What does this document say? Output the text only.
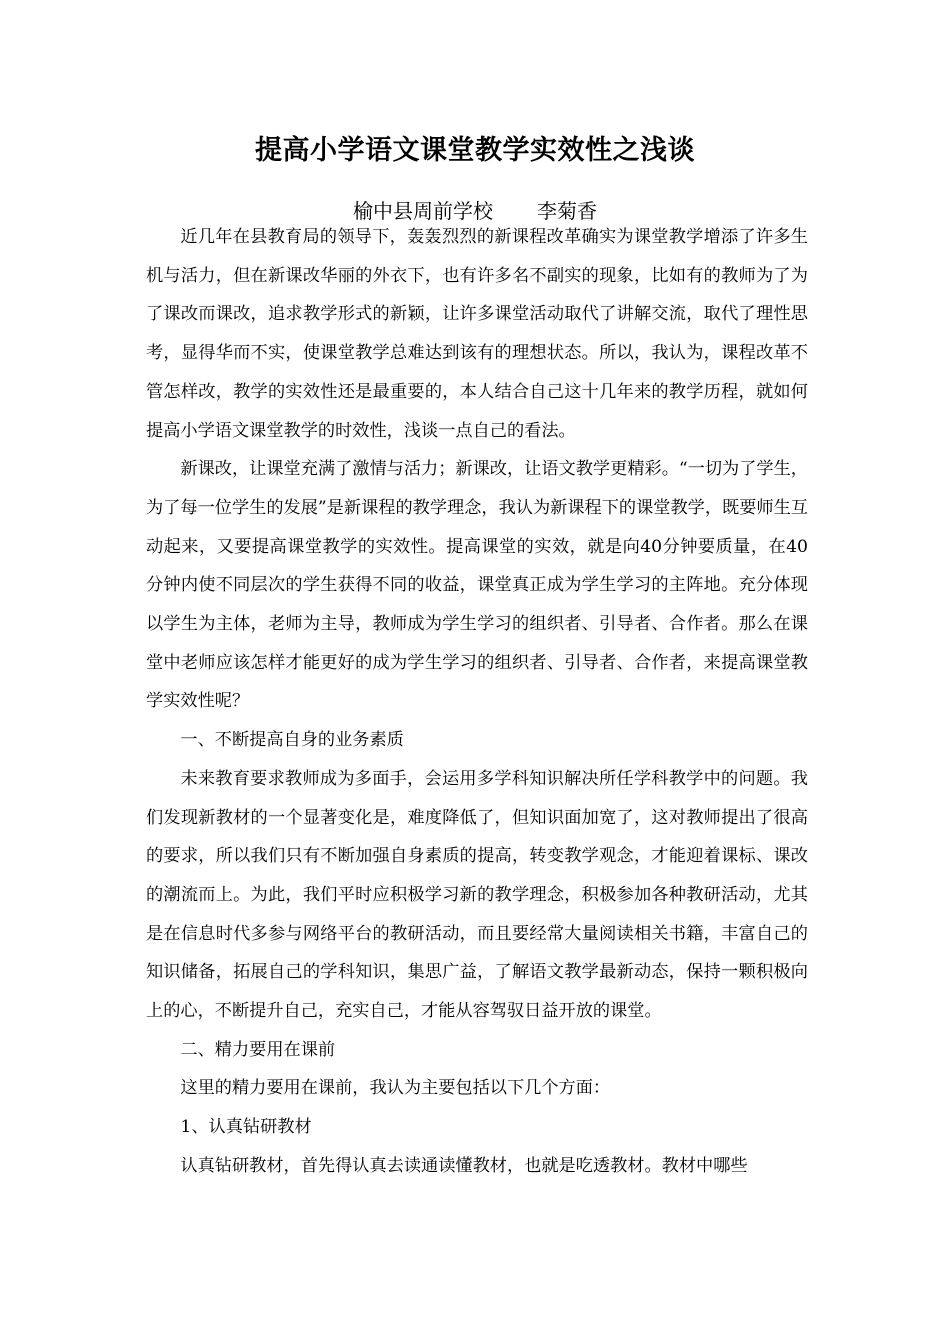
提高小学语文课堂教学实效性之浅谈
榆中县周前学校 李菊香

近几年在县教育局的领导下，轰轰烈烈的新课程改革确实为课堂教学增添了许多生机与活力，但在新课改华丽的外衣下，也有许多名不副实的现象，比如有的教师为了为了课改而课改，追求教学形式的新颖，让许多课堂活动取代了讲解交流，取代了理性思考，显得华而不实，使课堂教学总难达到该有的理想状态。所以，我认为，课程改革不管怎样改，教学的实效性还是最重要的，本人结合自己这十几年来的教学历程，就如何提高小学语文课堂教学的时效性，浅谈一点自己的看法。

新课改，让课堂充满了激情与活力；新课改，让语文教学更精彩。“一切为了学生，为了每一位学生的发展”是新课程的教学理念，我认为新课程下的课堂教学，既要师生互动起来，又要提高课堂教学的实效性。提高课堂的实效，就是向40分钟要质量，在40分钟内使不同层次的学生获得不同的收益，课堂真正成为学生学习的主阵地。充分体现以学生为主体，老师为主导，教师成为学生学习的组织者、引导者、合作者。那么在课堂中老师应该怎样才能更好的成为学生学习的组织者、引导者、合作者，来提高课堂教学实效性呢？

一、不断提高自身的业务素质

未来教育要求教师成为多面手，会运用多学科知识解决所任学科教学中的问题。我们发现新教材的一个显著变化是，难度降低了，但知识面加宽了，这对教师提出了很高的要求，所以我们只有不断加强自身素质的提高，转变教学观念，才能迎着课标、课改的潮流而上。为此，我们平时应积极学习新的教学理念，积极参加各种教研活动，尤其是在信息时代多参与网络平台的教研活动，而且要经常大量阅读相关书籍，丰富自己的知识储备，拓展自己的学科知识，集思广益，了解语文教学最新动态，保持一颗积极向上的心，不断提升自己，充实自己，才能从容驾驭日益开放的课堂。

二、精力要用在课前

这里的精力要用在课前，我认为主要包括以下几个方面：

1、认真钻研教材

认真钻研教材，首先得认真去读通读懂教材，也就是吃透教材。教材中哪些
